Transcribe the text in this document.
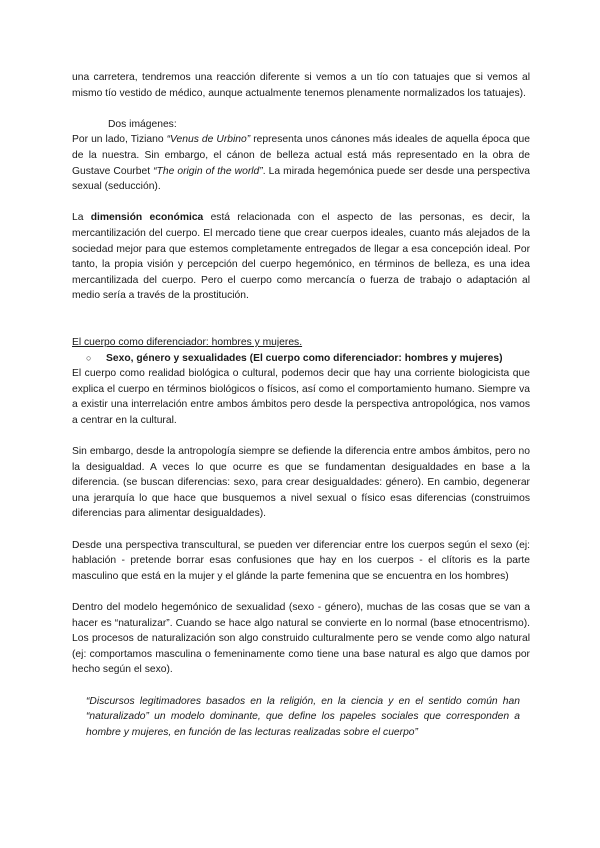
una carretera, tendremos una reacción diferente si vemos a un tío con tatuajes que si vemos al mismo tío vestido de médico, aunque actualmente tenemos plenamente normalizados los tatuajes).

Dos imágenes:

Por un lado, Tiziano “Venus de Urbino” representa unos cánones más ideales de aquella época que de la nuestra. Sin embargo, el cánon de belleza actual está más representado en la obra de Gustave Courbet “The origin of the world”. La mirada hegemónica puede ser desde una perspectiva sexual (seducción).

La dimensión económica está relacionada con el aspecto de las personas, es decir, la mercantilización del cuerpo. El mercado tiene que crear cuerpos ideales, cuanto más alejados de la sociedad mejor para que estemos completamente entregados de llegar a esa concepción ideal. Por tanto, la propia visión y percepción del cuerpo hegemónico, en términos de belleza, es una idea mercantilizada del cuerpo. Pero el cuerpo como mercancía o fuerza de trabajo o adaptación al medio sería a través de la prostitución.

El cuerpo como diferenciador: hombres y mujeres.

○	Sexo, género y sexualidades (El cuerpo como diferenciador: hombres y mujeres)

El cuerpo como realidad biológica o cultural, podemos decir que hay una corriente biologicista que explica el cuerpo en términos biológicos o físicos, así como el comportamiento humano. Siempre va a existir una interrelación entre ambos ámbitos pero desde la perspectiva antropológica, nos vamos a centrar en la cultural.

Sin embargo, desde la antropología siempre se defiende la diferencia entre ambos ámbitos, pero no la desigualdad. A veces lo que ocurre es que se fundamentan desigualdades en base a la diferencia. (se buscan diferencias: sexo, para crear desigualdades: género). En cambio, degenerar una jerarquía lo que hace que busquemos a nivel sexual o físico esas diferencias (construimos diferencias para alimentar desigualdades).

Desde una perspectiva transcultural, se pueden ver diferenciar entre los cuerpos según el sexo (ej: hablación - pretende borrar esas confusiones que hay en los cuerpos - el clítoris es la parte masculino que está en la mujer y el glánde la parte femenina que se encuentra en los hombres)

Dentro del modelo hegemónico de sexualidad (sexo - género), muchas de las cosas que se van a hacer es “naturalizar”. Cuando se hace algo natural se convierte en lo normal (base etnocentrismo). Los procesos de naturalización son algo construido culturalmente pero se vende como algo natural (ej: comportamos masculina o femeninamente como tiene una base natural es algo que damos por hecho según el sexo).

“Discursos legitimadores basados en la religión, en la ciencia y en el sentido común han “naturalizado” un modelo dominante, que define los papeles sociales que corresponden a hombre y mujeres, en función de las lecturas realizadas sobre el cuerpo”
